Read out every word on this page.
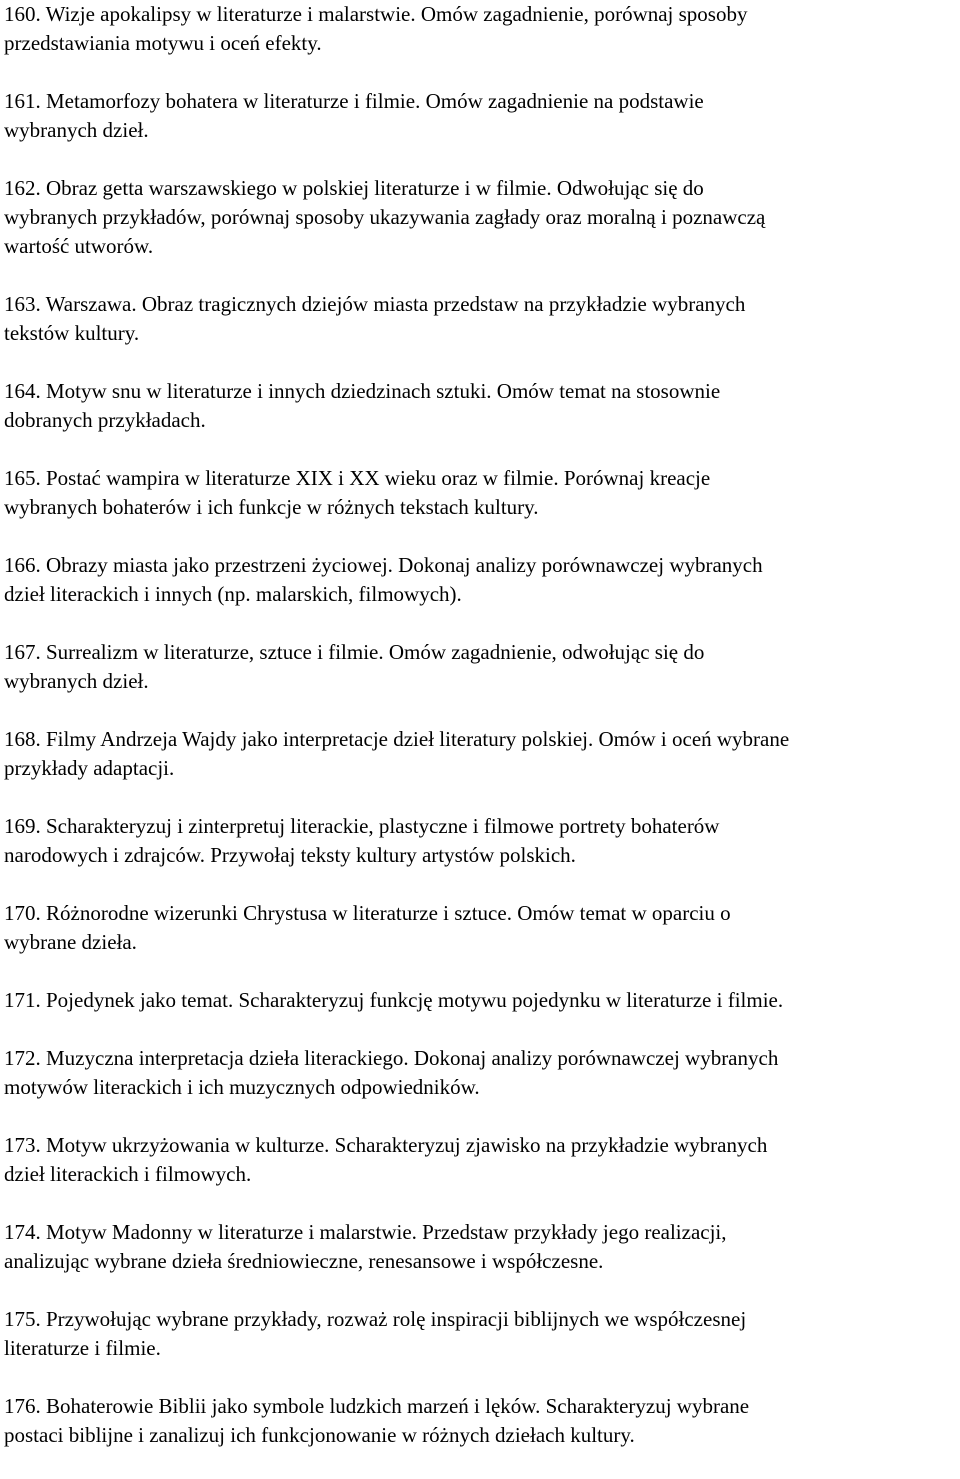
160. Wizje apokalipsy w literaturze i malarstwie. Omów zagadnienie, porównaj sposoby
przedstawiania motywu i oceń efekty.

161. Metamorfozy bohatera w literaturze i filmie. Omów zagadnienie na podstawie
wybranych dzieł.

162. Obraz getta warszawskiego w polskiej literaturze i w filmie. Odwołując się do
wybranych przykładów, porównaj sposoby ukazywania zagłady oraz moralną i poznawczą
wartość utworów.

163. Warszawa. Obraz tragicznych dziejów miasta przedstaw na przykładzie wybranych
tekstów kultury.

164. Motyw snu w literaturze i innych dziedzinach sztuki. Omów temat na stosownie
dobranych przykładach.

165. Postać wampira w literaturze XIX i XX wieku oraz w filmie. Porównaj kreacje
wybranych bohaterów i ich funkcje w różnych tekstach kultury.

166. Obrazy miasta jako przestrzeni życiowej. Dokonaj analizy porównawczej wybranych
dzieł literackich i innych (np. malarskich, filmowych).

167. Surrealizm w literaturze, sztuce i filmie. Omów zagadnienie, odwołując się do
wybranych dzieł.

168. Filmy Andrzeja Wajdy jako interpretacje dzieł literatury polskiej. Omów i oceń wybrane
przykłady adaptacji.

169. Scharakteryzuj i zinterpretuj literackie, plastyczne i filmowe portrety bohaterów
narodowych i zdrajców. Przywołaj teksty kultury artystów polskich.

170. Różnorodne wizerunki Chrystusa w literaturze i sztuce. Omów temat w oparciu o
wybrane dzieła.

171. Pojedynek jako temat. Scharakteryzuj funkcję motywu pojedynku w literaturze i filmie.

172. Muzyczna interpretacja dzieła literackiego. Dokonaj analizy porównawczej wybranych
motywów literackich i ich muzycznych odpowiedników.

173. Motyw ukrzyżowania w kulturze. Scharakteryzuj zjawisko na przykładzie wybranych
dzieł literackich i filmowych.

174. Motyw Madonny w literaturze i malarstwie. Przedstaw przykłady jego realizacji,
analizując wybrane dzieła średniowieczne, renesansowe i współczesne.

175. Przywołując wybrane przykłady, rozważ rolę inspiracji biblijnych we współczesnej
literaturze i filmie.

176. Bohaterowie Biblii jako symbole ludzkich marzeń i lęków. Scharakteryzuj wybrane
postaci biblijne i zanalizuj ich funkcjonowanie w różnych dziełach kultury.
